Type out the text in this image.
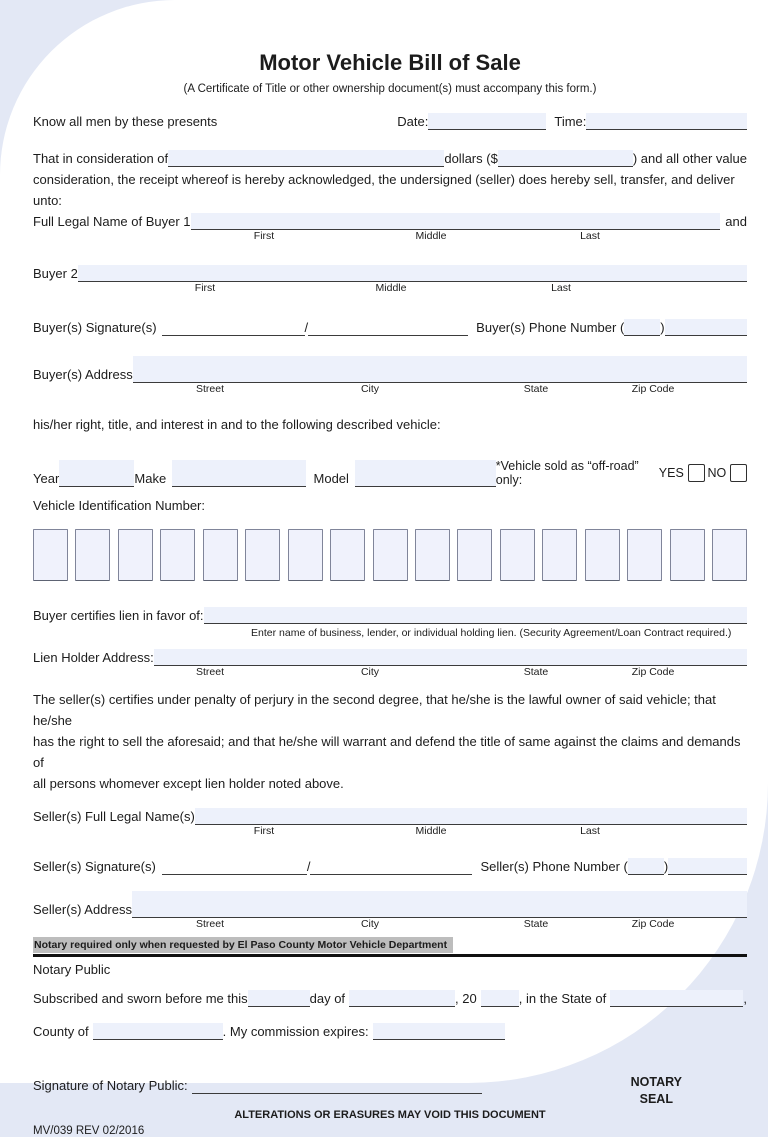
Motor Vehicle Bill of Sale
(A Certificate of Title or other ownership document(s) must accompany this form.)
Know all men by these presents	Date:	Time:
That in consideration of	dollars ($	) and all other value
consideration, the receipt whereof is hereby acknowledged, the undersigned (seller) does hereby sell, transfer, and deliver
unto:
Full Legal Name of Buyer 1	and
First	Middle	Last
Buyer 2
First	Middle	Last
Buyer(s) Signature(s)	/	Buyer(s) Phone Number (	)
Buyer(s) Address
Street	City	State	Zip Code
his/her right, title, and interest in and to the following described vehicle:
Year	Make	Model
*Vehicle sold as “off-road” only:	YES NO
Vehicle Identification Number:
Buyer certifies lien in favor of:
Enter name of business, lender, or individual holding lien. (Security Agreement/Loan Contract required.)
Lien Holder Address:
Street	City	State	Zip Code
The seller(s) certifies under penalty of perjury in the second degree, that he/she is the lawful owner of said vehicle; that he/she
has the right to sell the aforesaid; and that he/she will warrant and defend the title of same against the claims and demands of
all persons whomever except lien holder noted above.
Seller(s) Full Legal Name(s)
First	Middle	Last
Seller(s) Signature(s)	/	Seller(s) Phone Number (	)
Seller(s) Address
Street	City	State	Zip Code
Notary required only when requested by El Paso County Motor Vehicle Department
Notary Public
Subscribed and sworn before me this	day of	, 20	, in the State of	,
County of	. My commission expires:
Signature of Notary Public:	NOTARY
SEAL
ALTERATIONS OR ERASURES MAY VOID THIS DOCUMENT
MV/039 REV 02/2016
